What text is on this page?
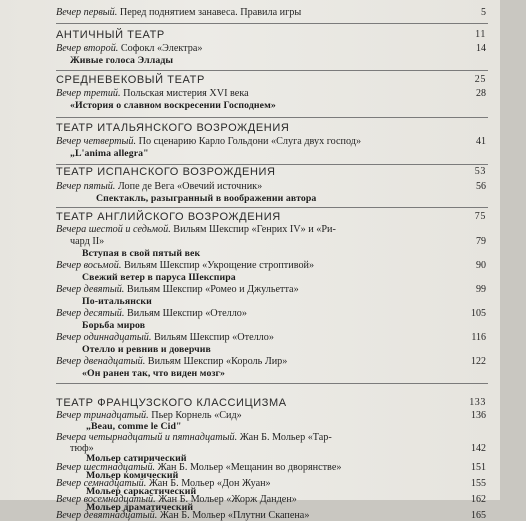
Вечер первый. Перед поднятием занавеса. Правила игры	5
АНТИЧНЫЙ ТЕАТР	11
Вечер второй. Софокл «Электра»	14
Живые голоса Эллады
СРЕДНЕВЕКОВЫЙ ТЕАТР	25
Вечер третий. Польская мистерия XVI века	28
«История о славном воскресении Господнем»
ТЕАТР ИТАЛЬЯНСКОГО ВОЗРОЖДЕНИЯ
Вечер четвертый. По сценарию Карло Гольдони «Слуга двух господ»	41
„L'anima allegra"
ТЕАТР ИСПАНСКОГО ВОЗРОЖДЕНИЯ	53
Вечер пятый. Лопе де Вега «Овечий источник»	56
Спектакль, разыгранный в воображении автора
ТЕАТР АНГЛИЙСКОГО ВОЗРОЖДЕНИЯ	75
Вечера шестой и седьмой. Вильям Шекспир «Генрих IV» и «Ри-
чард II»	79
Вступая в свой пятый век
Вечер восьмой. Вильям Шекспир «Укрощение строптивой»	90
Свежий ветер в паруса Шекспира
Вечер девятый. Вильям Шекспир «Ромео и Джульетта»	99
По-итальянски
Вечер десятый. Вильям Шекспир «Отелло»	105
Борьба миров
Вечер одиннадцатый. Вильям Шекспир «Отелло»	116
Отелло и ревнив и доверчив
Вечер двенадцатый. Вильям Шекспир «Король Лир»	122
«Он ранен так, что виден мозг»
ТЕАТР ФРАНЦУЗСКОГО КЛАССИЦИЗМА	133
Вечер тринадцатый. Пьер Корнель «Сид»	136
„Beau, comme le Cid"
Вечера четырнадцатый и пятнадцатый. Жан Б. Мольер «Тар-
тюф»	142
Мольер сатирический
Вечер шестнадцатый. Жан Б. Мольер «Мещанин во дворянстве»	151
Мольер комический
Вечер семнадцатый. Жан Б. Мольер «Дон Жуан»	155
Мольер саркастический
Вечер восемнадцатый. Жан Б. Мольер «Жорж Данден»	162
Мольер драматический
Вечер девятнадцатый. Жан Б. Мольер «Плутни Скапена»	165
